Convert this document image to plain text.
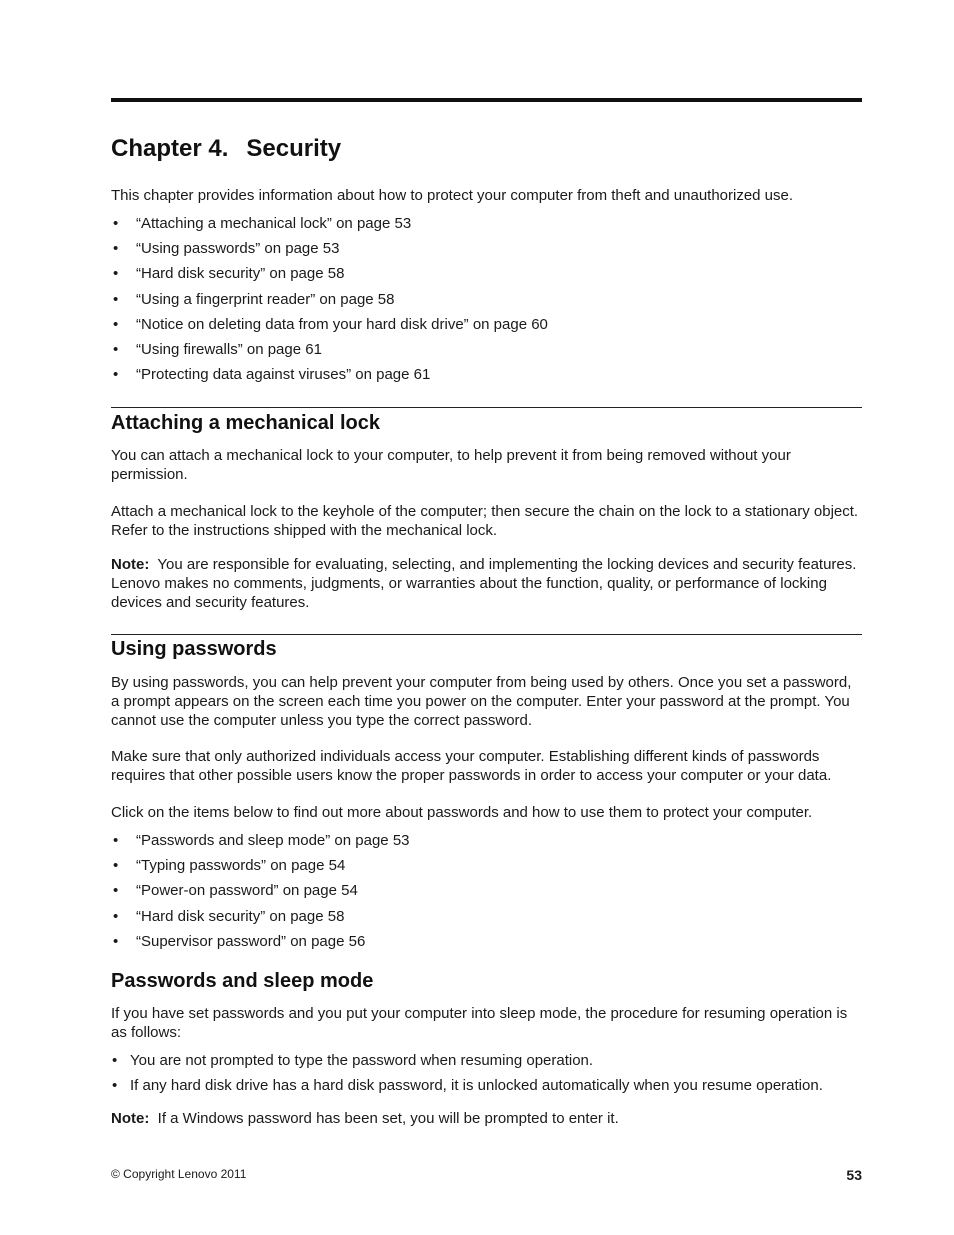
Chapter 4. Security

This chapter provides information about how to protect your computer from theft and unauthorized use.

• “Attaching a mechanical lock” on page 53
• “Using passwords” on page 53
• “Hard disk security” on page 58
• “Using a fingerprint reader” on page 58
• “Notice on deleting data from your hard disk drive” on page 60
• “Using firewalls” on page 61
• “Protecting data against viruses” on page 61
Attaching a mechanical lock

You can attach a mechanical lock to your computer, to help prevent it from being removed without your permission.

Attach a mechanical lock to the keyhole of the computer; then secure the chain on the lock to a stationary object. Refer to the instructions shipped with the mechanical lock.

Note: You are responsible for evaluating, selecting, and implementing the locking devices and security features. Lenovo makes no comments, judgments, or warranties about the function, quality, or performance of locking devices and security features.

Using passwords

By using passwords, you can help prevent your computer from being used by others. Once you set a password, a prompt appears on the screen each time you power on the computer. Enter your password at the prompt. You cannot use the computer unless you type the correct password.

Make sure that only authorized individuals access your computer. Establishing different kinds of passwords requires that other possible users know the proper passwords in order to access your computer or your data.

Click on the items below to find out more about passwords and how to use them to protect your computer.

• “Passwords and sleep mode” on page 53
• “Typing passwords” on page 54
• “Power-on password” on page 54
• “Hard disk security” on page 58
• “Supervisor password” on page 56
Passwords and sleep mode

If you have set passwords and you put your computer into sleep mode, the procedure for resuming operation is as follows:

• You are not prompted to type the password when resuming operation.
• If any hard disk drive has a hard disk password, it is unlocked automatically when you resume operation.

Note: If a Windows password has been set, you will be prompted to enter it.

© Copyright Lenovo 2011	53
